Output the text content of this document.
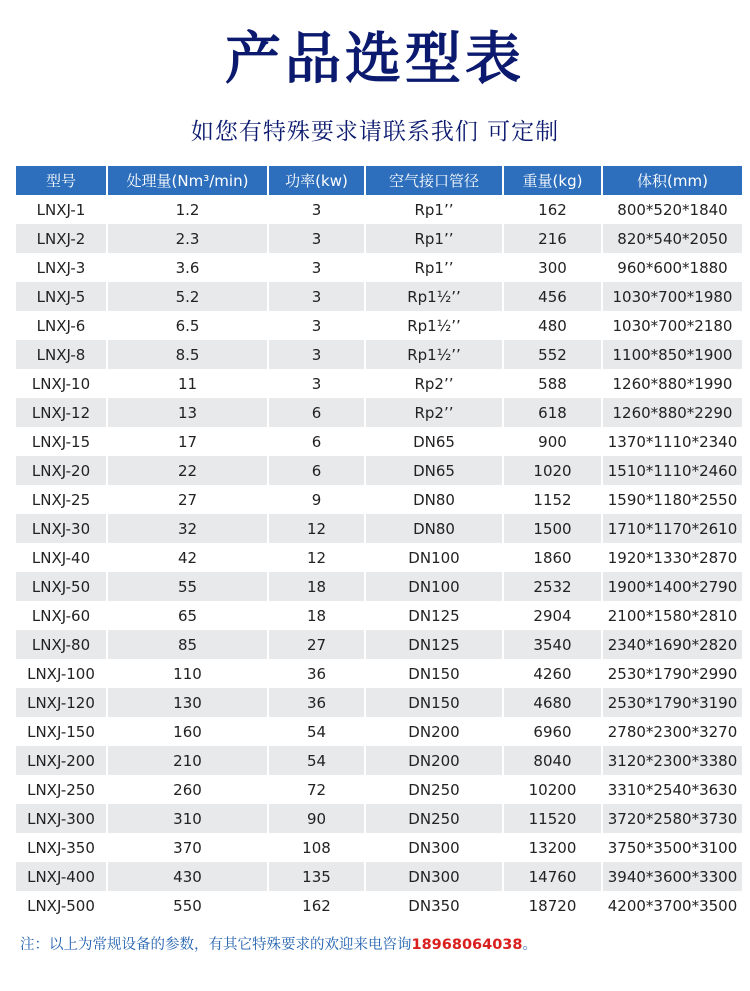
产品选型表
如您有特殊要求请联系我们 可定制
型号	处理量(Nm³/min)	功率(kw)	空气接口管径	重量(kg)	体积(mm)
LNXJ-1	1.2	3	Rp1’’	162	800*520*1840
LNXJ-2	2.3	3	Rp1’’	216	820*540*2050
LNXJ-3	3.6	3	Rp1’’	300	960*600*1880
LNXJ-5	5.2	3	Rp1½’’	456	1030*700*1980
LNXJ-6	6.5	3	Rp1½’’	480	1030*700*2180
LNXJ-8	8.5	3	Rp1½’’	552	1100*850*1900
LNXJ-10	11	3	Rp2’’	588	1260*880*1990
LNXJ-12	13	6	Rp2’’	618	1260*880*2290
LNXJ-15	17	6	DN65	900	1370*1110*2340
LNXJ-20	22	6	DN65	1020	1510*1110*2460
LNXJ-25	27	9	DN80	1152	1590*1180*2550
LNXJ-30	32	12	DN80	1500	1710*1170*2610
LNXJ-40	42	12	DN100	1860	1920*1330*2870
LNXJ-50	55	18	DN100	2532	1900*1400*2790
LNXJ-60	65	18	DN125	2904	2100*1580*2810
LNXJ-80	85	27	DN125	3540	2340*1690*2820
LNXJ-100	110	36	DN150	4260	2530*1790*2990
LNXJ-120	130	36	DN150	4680	2530*1790*3190
LNXJ-150	160	54	DN200	6960	2780*2300*3270
LNXJ-200	210	54	DN200	8040	3120*2300*3380
LNXJ-250	260	72	DN250	10200	3310*2540*3630
LNXJ-300	310	90	DN250	11520	3720*2580*3730
LNXJ-350	370	108	DN300	13200	3750*3500*3100
LNXJ-400	430	135	DN300	14760	3940*3600*3300
LNXJ-500	550	162	DN350	18720	4200*3700*3500
注：以上为常规设备的参数，有其它特殊要求的欢迎来电咨询18968064038。
